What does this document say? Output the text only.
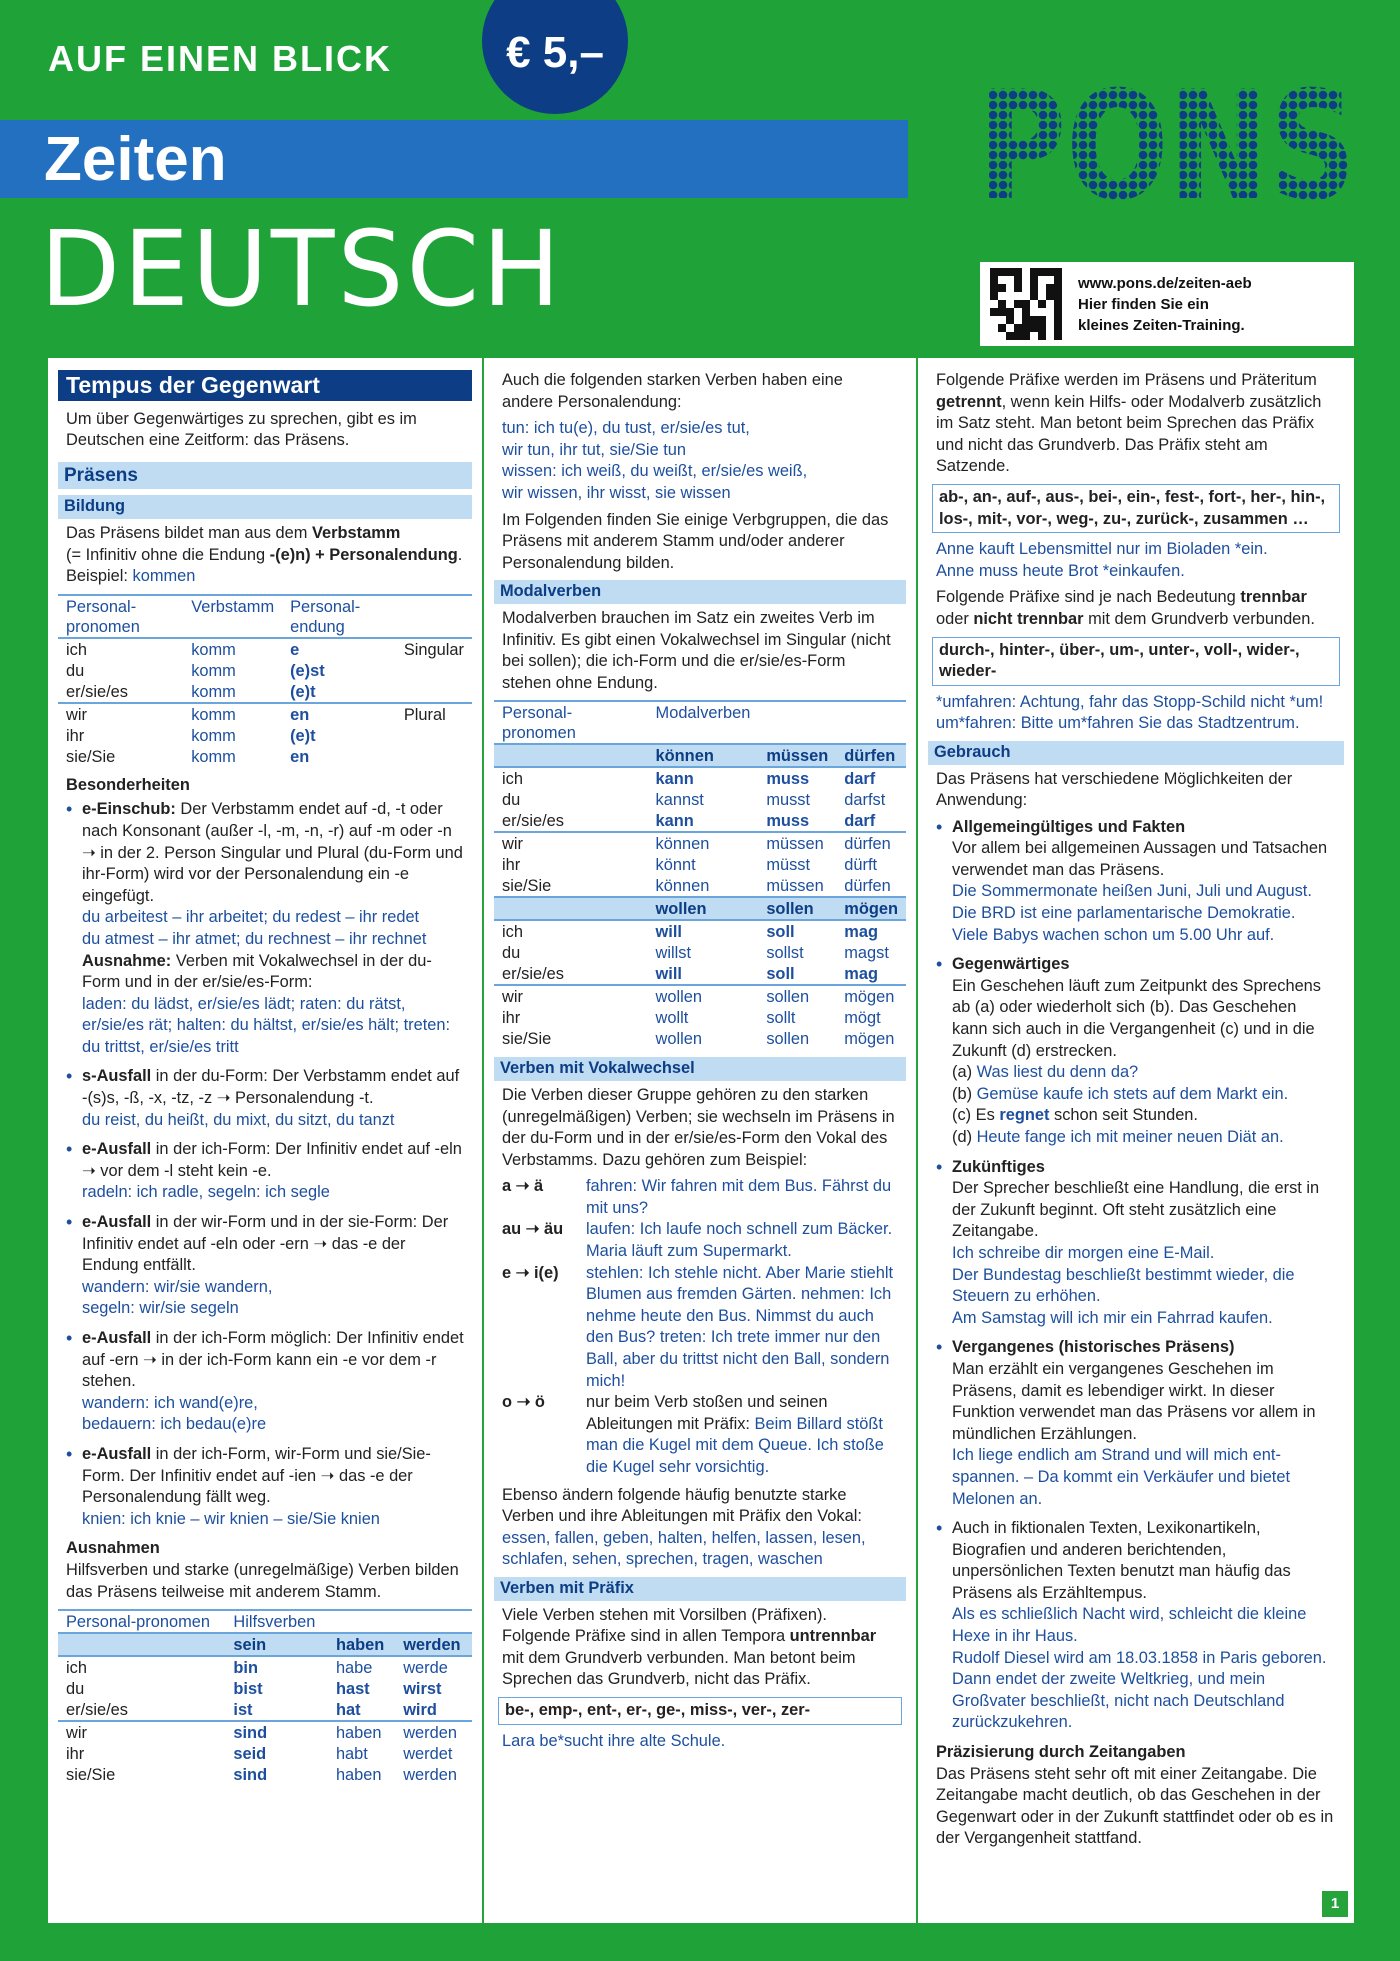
AUF EINEN BLICK	€ 5,–
Zeiten
DEUTSCH
PONS
www.pons.de/zeiten-aeb
Hier finden Sie ein
kleines Zeiten-Training.
Tempus der Gegenwart
Um über Gegenwärtiges zu sprechen, gibt es im Deutschen eine Zeitform: das Präsens.
Präsens
Bildung
Das Präsens bildet man aus dem Verbstamm
(= Infinitiv ohne die Endung -(e)n) + Personalendung.
Beispiel: kommen
Personal-pronomen	Verbstamm	Personal-endung	
ich	komm	e	Singular
du	komm	(e)st	
er/sie/es	komm	(e)t	
wir	komm	en	Plural
ihr	komm	(e)t	
sie/Sie	komm	en	
Besonderheiten
• e-Einschub: Der Verbstamm endet auf -d, -t oder nach Konsonant (außer -l, -m, -n, -r) auf -m oder -n ➝ in der 2. Person Singular und Plural (du-Form und ihr-Form) wird vor der Personalendung ein -e eingefügt.
du arbeitest – ihr arbeitet; du redest – ihr redet
du atmest – ihr atmet; du rechnest – ihr rechnet
Ausnahme: Verben mit Vokalwechsel in der du-Form und in der er/sie/es-Form:
laden: du lädst, er/sie/es lädt; raten: du rätst, er/sie/es rät; halten: du hältst, er/sie/es hält; treten: du trittst, er/sie/es tritt
• s-Ausfall in der du-Form: Der Verbstamm endet auf -(s)s, -ß, -x, -tz, -z ➝ Personalendung -t.
du reist, du heißt, du mixt, du sitzt, du tanzt
• e-Ausfall in der ich-Form: Der Infinitiv endet auf -eln ➝ vor dem -l steht kein -e.
radeln: ich radle, segeln: ich segle
• e-Ausfall in der wir-Form und in der sie-Form: Der Infinitiv endet auf -eln oder -ern ➝ das -e der Endung entfällt.
wandern: wir/sie wandern,
segeln: wir/sie segeln
• e-Ausfall in der ich-Form möglich: Der Infinitiv endet auf -ern ➝ in der ich-Form kann ein -e vor dem -r stehen.
wandern: ich wand(e)re,
bedauern: ich bedau(e)re
• e-Ausfall in der ich-Form, wir-Form und sie/Sie-Form. Der Infinitiv endet auf -ien ➝ das -e der Personalendung fällt weg.
knien: ich knie – wir knien – sie/Sie knien
Ausnahmen
Hilfsverben und starke (unregelmäßige) Verben bilden das Präsens teilweise mit anderem Stamm.
Personal-pronomen	Hilfsverben		
	sein	haben	werden
ich	bin	habe	werde
du	bist	hast	wirst
er/sie/es	ist	hat	wird
wir	sind	haben	werden
ihr	seid	habt	werdet
sie/Sie	sind	haben	werden
Auch die folgenden starken Verben haben eine andere Personalendung:
tun: ich tu(e), du tust, er/sie/es tut,
wir tun, ihr tut, sie/Sie tun
wissen: ich weiß, du weißt, er/sie/es weiß,
wir wissen, ihr wisst, sie wissen
Im Folgenden finden Sie einige Verbgruppen, die das Präsens mit anderem Stamm und/oder anderer Personalendung bilden.
Modalverben
Modalverben brauchen im Satz ein zweites Verb im Infinitiv. Es gibt einen Vokalwechsel im Singular (nicht bei sollen); die ich-Form und die er/sie/es-Form stehen ohne Endung.
Personal-pronomen	Modalverben		
	können	müssen	dürfen
ich	kann	muss	darf
du	kannst	musst	darfst
er/sie/es	kann	muss	darf
wir	können	müssen	dürfen
ihr	könnt	müsst	dürft
sie/Sie	können	müssen	dürfen
	wollen	sollen	mögen
ich	will	soll	mag
du	willst	sollst	magst
er/sie/es	will	soll	mag
wir	wollen	sollen	mögen
ihr	wollt	sollt	mögt
sie/Sie	wollen	sollen	mögen
Verben mit Vokalwechsel
Die Verben dieser Gruppe gehören zu den starken (unregelmäßigen) Verben; sie wechseln im Präsens in der du-Form und in der er/sie/es-Form den Vokal des Verbstamms. Dazu gehören zum Beispiel:
a ➝ ä	fahren: Wir fahren mit dem Bus. Fährst du mit uns?
au ➝ äu	laufen: Ich laufe noch schnell zum Bäcker. Maria läuft zum Supermarkt.
e ➝ i(e)	stehlen: Ich stehle nicht. Aber Marie stiehlt Blumen aus fremden Gärten. nehmen: Ich nehme heute den Bus. Nimmst du auch den Bus? treten: Ich trete immer nur den Ball, aber du trittst nicht den Ball, sondern mich!
o ➝ ö	nur beim Verb stoßen und seinen Ableitungen mit Präfix: Beim Billard stößt man die Kugel mit dem Queue. Ich stoße die Kugel sehr vorsichtig.
Ebenso ändern folgende häufig benutzte starke Verben und ihre Ableitungen mit Präfix den Vokal:
essen, fallen, geben, halten, helfen, lassen, lesen, schlafen, sehen, sprechen, tragen, waschen
Verben mit Präfix
Viele Verben stehen mit Vorsilben (Präfixen). Folgende Präfixe sind in allen Tempora untrennbar mit dem Grundverb verbunden. Man betont beim Sprechen das Grundverb, nicht das Präfix.
be-, emp-, ent-, er-, ge-, miss-, ver-, zer-
Lara be*sucht ihre alte Schule.
Folgende Präfixe werden im Präsens und Präteritum getrennt, wenn kein Hilfs- oder Modalverb zusätzlich im Satz steht. Man betont beim Sprechen das Präfix und nicht das Grundverb. Das Präfix steht am Satzende.
ab-, an-, auf-, aus-, bei-, ein-, fest-, fort-, her-, hin-, los-, mit-, vor-, weg-, zu-, zurück-, zusammen …
Anne kauft Lebensmittel nur im Bioladen *ein.
Anne muss heute Brot *einkaufen.
Folgende Präfixe sind je nach Bedeutung trennbar oder nicht trennbar mit dem Grundverb verbunden.
durch-, hinter-, über-, um-, unter-, voll-, wider-, wieder-
*umfahren: Achtung, fahr das Stopp-Schild nicht *um!
um*fahren: Bitte um*fahren Sie das Stadtzentrum.
Gebrauch
Das Präsens hat verschiedene Möglichkeiten der Anwendung:
• Allgemeingültiges und Fakten
Vor allem bei allgemeinen Aussagen und Tatsachen verwendet man das Präsens.
Die Sommermonate heißen Juni, Juli und August.
Die BRD ist eine parlamentarische Demokratie.
Viele Babys wachen schon um 5.00 Uhr auf.
• Gegenwärtiges
Ein Geschehen läuft zum Zeitpunkt des Sprechens ab (a) oder wiederholt sich (b). Das Geschehen kann sich auch in die Vergangenheit (c) und in die Zukunft (d) erstrecken.
(a) Was liest du denn da?
(b) Gemüse kaufe ich stets auf dem Markt ein.
(c) Es regnet schon seit Stunden.
(d) Heute fange ich mit meiner neuen Diät an.
• Zukünftiges
Der Sprecher beschließt eine Handlung, die erst in der Zukunft beginnt. Oft steht zusätzlich eine Zeitangabe.
Ich schreibe dir morgen eine E-Mail.
Der Bundestag beschließt bestimmt wieder, die Steuern zu erhöhen.
Am Samstag will ich mir ein Fahrrad kaufen.
• Vergangenes (historisches Präsens)
Man erzählt ein vergangenes Geschehen im Präsens, damit es lebendiger wirkt. In dieser Funktion verwendet man das Präsens vor allem in mündlichen Erzählungen.
Ich liege endlich am Strand und will mich entspannen. – Da kommt ein Verkäufer und bietet Melonen an.
• Auch in fiktionalen Texten, Lexikonartikeln, Biografien und anderen berichtenden, unpersönlichen Texten benutzt man häufig das Präsens als Erzähltempus.
Als es schließlich Nacht wird, schleicht die kleine Hexe in ihr Haus.
Rudolf Diesel wird am 18.03.1858 in Paris geboren. Dann endet der zweite Weltkrieg, und mein Großvater beschließt, nicht nach Deutschland zurückzukehren.
Präzisierung durch Zeitangaben
Das Präsens steht sehr oft mit einer Zeitangabe. Die Zeitangabe macht deutlich, ob das Geschehen in der Gegenwart oder in der Zukunft stattfindet oder ob es in der Vergangenheit stattfand.
1
